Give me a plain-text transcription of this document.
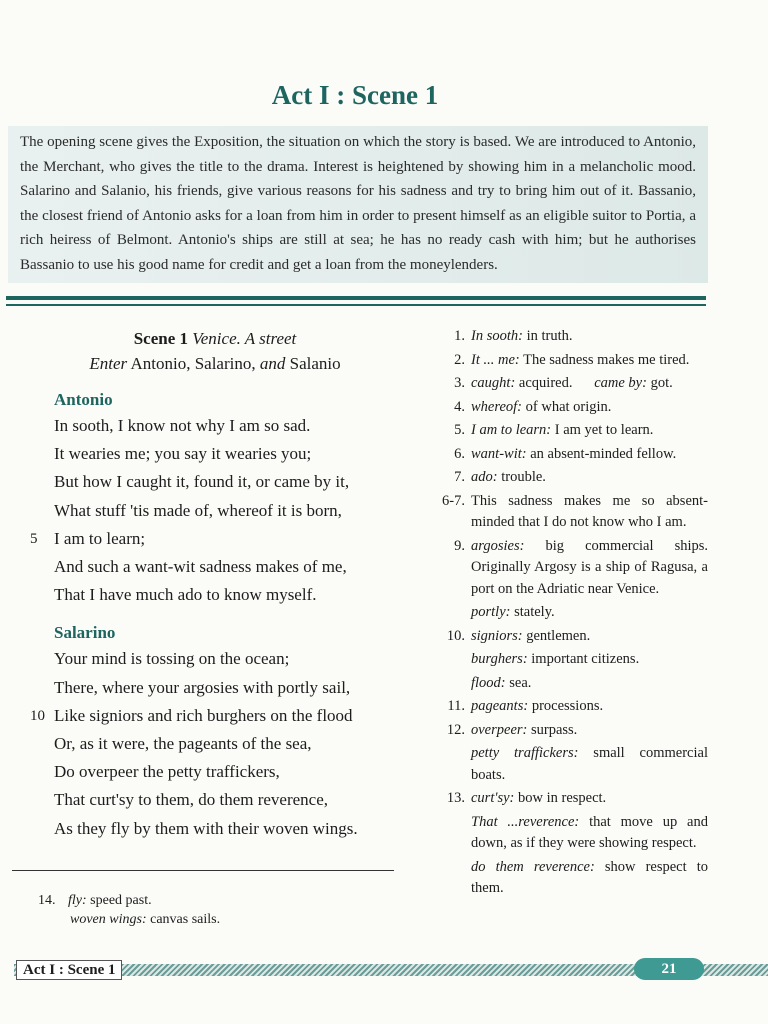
Act I : Scene 1

The opening scene gives the Exposition, the situation on which the story is based. We are introduced to Antonio, the Merchant, who gives the title to the drama. Interest is heightened by showing him in a melancholic mood. Salarino and Salanio, his friends, give various reasons for his sadness and try to bring him out of it. Bassanio, the closest friend of Antonio asks for a loan from him in order to present himself as an eligible suitor to Portia, a rich heiress of Belmont. Antonio's ships are still at sea; he has no ready cash with him; but he authorises Bassanio to use his good name for credit and get a loan from the moneylenders.

Scene 1 Venice. A street
Enter Antonio, Salarino, and Salanio
Antonio
In sooth, I know not why I am so sad.
It wearies me; you say it wearies you;
But how I caught it, found it, or came by it,
What stuff 'tis made of, whereof it is born,
5 I am to learn;
And such a want-wit sadness makes of me,
That I have much ado to know myself.
Salarino
Your mind is tossing on the ocean;
There, where your argosies with portly sail,
10 Like signiors and rich burghers on the flood
Or, as it were, the pageants of the sea,
Do overpeer the petty traffickers,
That curt'sy to them, do them reverence,
As they fly by them with their woven wings.
14. fly: speed past.
woven wings: canvas sails.
1. In sooth: in truth.
2. It ... me: The sadness makes me tired.
3. caught: acquired. came by: got.
4. whereof: of what origin.
5. I am to learn: I am yet to learn.
6. want-wit: an absent-minded fellow.
7. ado: trouble.
6-7. This sadness makes me so absent-minded that I do not know who I am.
9. argosies: big commercial ships. Originally Argosy is a ship of Ragusa, a port on the Adriatic near Venice.
portly: stately.
10. signiors: gentlemen.
burghers: important citizens.
flood: sea.
11. pageants: processions.
12. overpeer: surpass.
petty traffickers: small commercial boats.
13. curt'sy: bow in respect.
That ...reverence: that move up and down, as if they were showing respect.
do them reverence: show respect to them.
Act I : Scene 1	21
